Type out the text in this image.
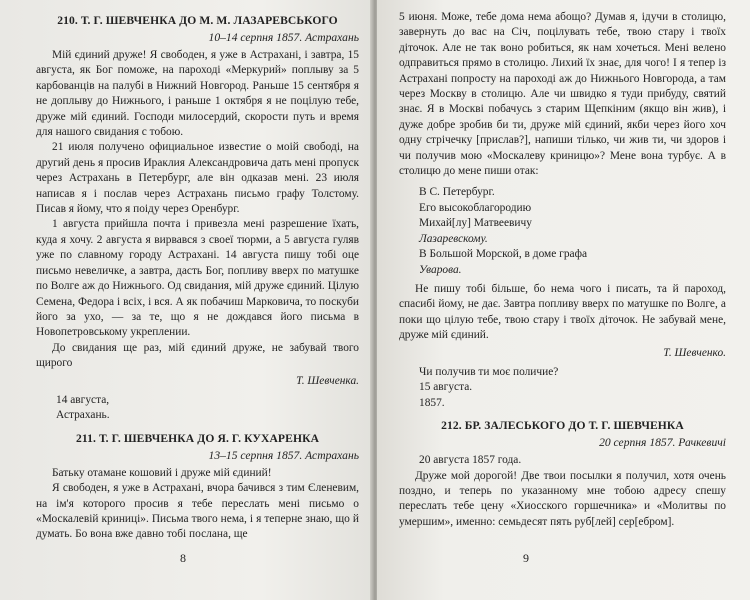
210. Т. Г. ШЕВЧЕНКА ДО М. М. ЛАЗАРЕВСЬКОГО
10–14 серпня 1857. Астрахань

Мій єдиний друже! Я свободен, я уже в Астрахані, і завтра, 15 августа, як Бог поможе, на пароході «Меркурий» поплыву за 5 карбованців на палубі в Нижний Новгород. Раньше 15 сентября я не доплыву до Нижнього, і раньше 1 октября я не поцілую тебе, друже мій єдиний. Господи милосердий, скорости путь и время для нашого свидания с тобою.

21 июля получено официальное известие о моій свободі, на другий день я просив Иракл⁠ия Александровича дать мені пропуск через Астрахань в Петербург, але він одказав мені. 23 июля написав я і послав через Астрахань письмо графу Толстому. Писав я йому, что я поіду через Оренбург.

1 августа прийшла почта і привезла мені разрешение їхать, куда я хочу. 2 августа я вирвався з своеї тюрми, а 5 августа гуляв уже по славному городу Астрахані. 14 августа пишу тобі оце письмо невеличке, а завтра, дасть Бог, попливу вверх по матушке по Волге аж до Нижнього. Од свидания, мій друже єдиний. Цілую Семена, Федора і всіх, і вся. А як побачиш Марковича, то поскуби його за ухо, — за те, що я не дождався його письма в Новопетровському укреплении.

До свидания ще раз, мій єдиний друже, не забувай твого щирого

Т. Шевченка.
14 августа,
Астрахань.
211. Т. Г. ШЕВЧЕНКА ДО Я. Г. КУХАРЕНКА
13–15 серпня 1857. Астрахань

Батьку отамане кошовий і друже мій єдиний!

Я свободен, я уже в Астрахані, вчора бачився з тим Єленевим, на ім'я которого просив я тебе переслать мені письмо о «Москалевій криниці». Письма твого нема, і я теперне знаю, що й думать. Бо вона вже давно тобі послана, ще

8

5 июня. Може, тебе дома нема абощо? Думав я, ідучи в столицю, завернуть до вас на Січ, поцілувать тебе, твою стару і твоїх діточок. Але не так воно робиться, як нам хочеться. Мені велено одправиться прямо в столицю. Лихий їх знає, для чого! І я тепер із Астрахані попросту на пароході аж до Нижнього Новгорода, а там через Москву в столицю. Але чи швидко я туди прибуду, святий знає. Я в Москві побачусь з старим Щепкіним (якщо він жив), і дуже добре зробив би ти, друже мій єдиний, якби через його хоч одну стрічечку [прислав?], напиши тілько, чи жив ти, чи здоров і чи получив мою «Москалеву криницю»? Мене вона турбує. А в столицю до мене пиши отак:

В С. Петербург.
Его высокоблагородию
Михай[лу] Матвеевичу
Лазаревскому.
В Большой Морской, в доме графа
Уварова.

Не пишу тобі більше, бо нема чого і писать, та й пароход, спасибі йому, не дає. Завтра попливу вверх по матушке по Волге, а поки що цілую тебе, твою стару і твоїх діточок. Не забувай мене, друже мій єдиний.

Т. Шевченко.
Чи получив ти моє поличие?
15 августа.
1857.
212. БР. ЗАЛЕСЬКОГО ДО Т. Г. ШЕВЧЕНКА
20 серпня 1857. Рачкевичі
20 августа 1857 года.

Друже мой дорогой! Две твои посылки я получил, хотя очень поздно, и теперь по указанному мне тобою адресу спешу переслать тебе цену «Хиосского горшечника» и «Молитвы по умершим», именно: семьдесят пять руб[лей] сер[ебром].

9
